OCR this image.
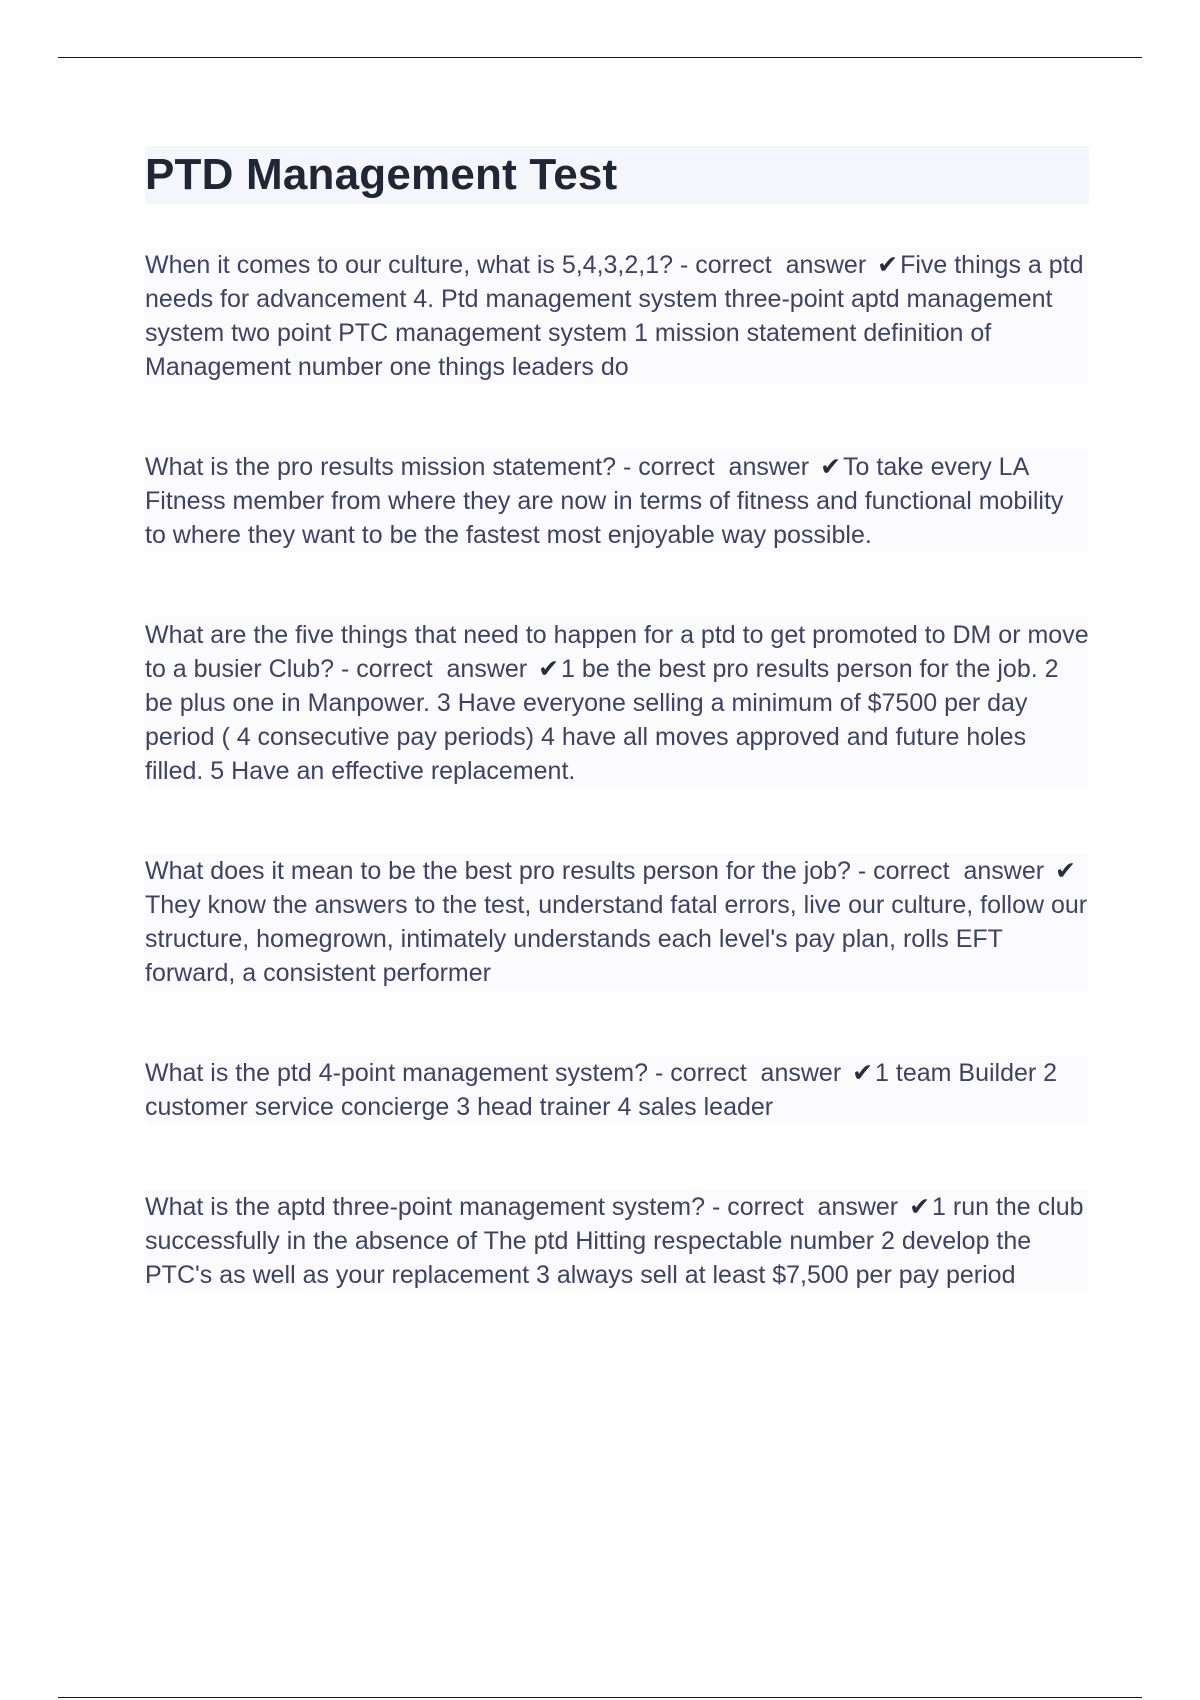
PTD Management Test

When it comes to our culture, what is 5,4,3,2,1? - correct  answer ✔Five things a ptd needs for advancement 4. Ptd management system three-point aptd management system two point PTC management system 1 mission statement definition of Management number one things leaders do

What is the pro results mission statement? - correct  answer ✔To take every LA Fitness member from where they are now in terms of fitness and functional mobility to where they want to be the fastest most enjoyable way possible.

What are the five things that need to happen for a ptd to get promoted to DM or move to a busier Club? - correct  answer ✔1 be the best pro results person for the job. 2 be plus one in Manpower. 3 Have everyone selling a minimum of $7500 per day period ( 4 consecutive pay periods) 4 have all moves approved and future holes filled. 5 Have an effective replacement.

What does it mean to be the best pro results person for the job? - correct  answer ✔They know the answers to the test, understand fatal errors, live our culture, follow our structure, homegrown, intimately understands each level's pay plan, rolls EFT forward, a consistent performer

What is the ptd 4-point management system? - correct  answer ✔1 team Builder 2 customer service concierge 3 head trainer 4 sales leader

What is the aptd three-point management system? - correct  answer ✔1 run the club successfully in the absence of The ptd Hitting respectable number 2 develop the PTC's as well as your replacement 3 always sell at least $7,500 per pay period
